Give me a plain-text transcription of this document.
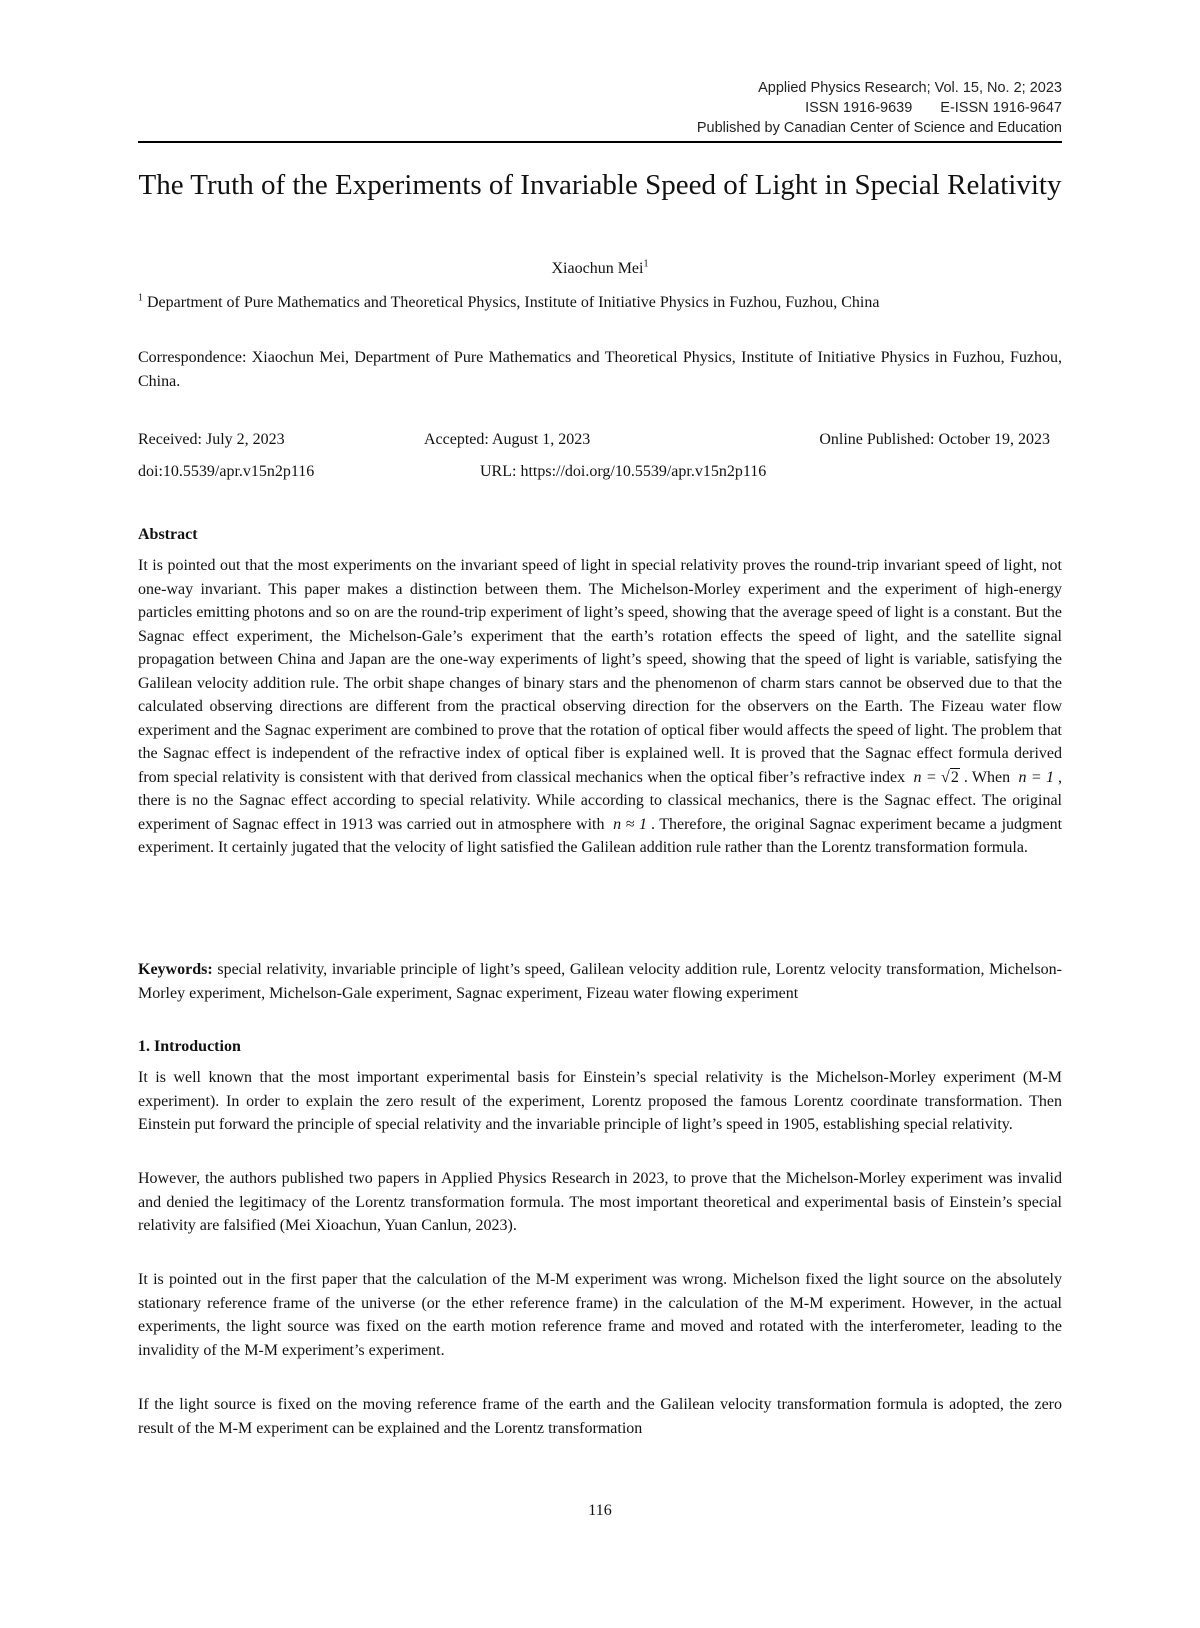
Applied Physics Research; Vol. 15, No. 2; 2023
ISSN 1916-9639 E-ISSN 1916-9647
Published by Canadian Center of Science and Education
The Truth of the Experiments of Invariable Speed of Light in Special Relativity
Xiaochun Mei$^1$
$^1$ Department of Pure Mathematics and Theoretical Physics, Institute of Initiative Physics in Fuzhou, Fuzhou, China
Correspondence: Xiaochun Mei, Department of Pure Mathematics and Theoretical Physics, Institute of Initiative Physics in Fuzhou, Fuzhou, China.
Received: July 2, 2023	Accepted: August 1, 2023	Online Published: October 19, 2023
doi:10.5539/apr.v15n2p116	URL: https://doi.org/10.5539/apr.v15n2p116
Abstract
It is pointed out that the most experiments on the invariant speed of light in special relativity proves the round-trip invariant speed of light, not one-way invariant. This paper makes a distinction between them. The Michelson-Morley experiment and the experiment of high-energy particles emitting photons and so on are the round-trip experiment of light’s speed, showing that the average speed of light is a constant. But the Sagnac effect experiment, the Michelson-Gale’s experiment that the earth’s rotation effects the speed of light, and the satellite signal propagation between China and Japan are the one-way experiments of light’s speed, showing that the speed of light is variable, satisfying the Galilean velocity addition rule. The orbit shape changes of binary stars and the phenomenon of charm stars cannot be observed due to that the calculated observing directions are different from the practical observing direction for the observers on the Earth. The Fizeau water flow experiment and the Sagnac experiment are combined to prove that the rotation of optical fiber would affects the speed of light. The problem that the Sagnac effect is independent of the refractive index of optical fiber is explained well. It is proved that the Sagnac effect formula derived from special relativity is consistent with that derived from classical mechanics when the optical fiber’s refractive index n = √2 . When n = 1 , there is no the Sagnac effect according to special relativity. While according to classical mechanics, there is the Sagnac effect. The original experiment of Sagnac effect in 1913 was carried out in atmosphere with n ≈ 1 . Therefore, the original Sagnac experiment became a judgment experiment. It certainly jugated that the velocity of light satisfied the Galilean addition rule rather than the Lorentz transformation formula.
Keywords: special relativity, invariable principle of light’s speed, Galilean velocity addition rule, Lorentz velocity transformation, Michelson-Morley experiment, Michelson-Gale experiment, Sagnac experiment, Fizeau water flowing experiment
1. Introduction
It is well known that the most important experimental basis for Einstein’s special relativity is the Michelson-Morley experiment (M-M experiment). In order to explain the zero result of the experiment, Lorentz proposed the famous Lorentz coordinate transformation. Then Einstein put forward the principle of special relativity and the invariable principle of light’s speed in 1905, establishing special relativity.
However, the authors published two papers in Applied Physics Research in 2023, to prove that the Michelson-Morley experiment was invalid and denied the legitimacy of the Lorentz transformation formula. The most important theoretical and experimental basis of Einstein’s special relativity are falsified (Mei Xioachun, Yuan Canlun, 2023).
It is pointed out in the first paper that the calculation of the M-M experiment was wrong. Michelson fixed the light source on the absolutely stationary reference frame of the universe (or the ether reference frame) in the calculation of the M-M experiment. However, in the actual experiments, the light source was fixed on the earth motion reference frame and moved and rotated with the interferometer, leading to the invalidity of the M-M experiment’s experiment.
If the light source is fixed on the moving reference frame of the earth and the Galilean velocity transformation formula is adopted, the zero result of the M-M experiment can be explained and the Lorentz transformation
116
